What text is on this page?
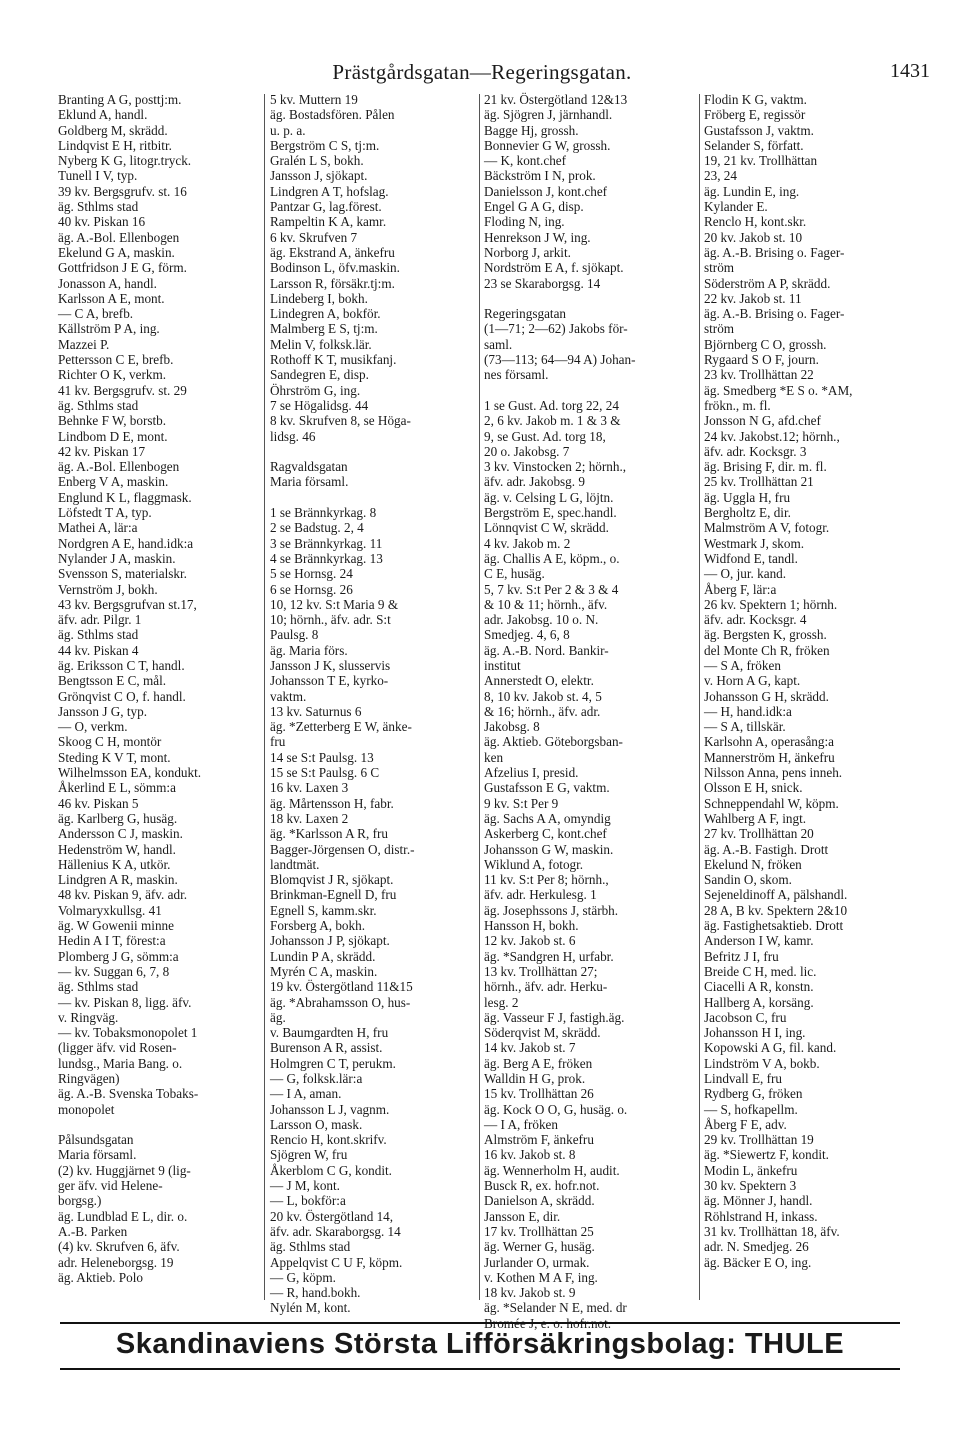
Prästgårdsgatan—Regeringsgatan.	1431
Branting A G, posttj:m.
Eklund A, handl.
Goldberg M, skrädd.
Lindqvist E H, ritbitr.
Nyberg K G, litogr.tryck.
Tunell I V, typ.
39 kv. Bergsgrufv. st. 16
äg. Sthlms stad
40 kv. Piskan 16
äg. A.-Bol. Ellenbogen
Ekelund G A, maskin.
Gottfridson J E G, förm.
Jonasson A, handl.
Karlsson A E, mont.
— C A, brefb.
Källström P A, ing.
Mazzei P.
Pettersson C E, brefb.
Richter O K, verkm.
41 kv. Bergsgrufv. st. 29
äg. Sthlms stad
Behnke F W, borstb.
Lindbom D E, mont.
42 kv. Piskan 17
äg. A.-Bol. Ellenbogen
Enberg V A, maskin.
Englund K L, flaggmask.
Löfstedt T A, typ.
Mathei A, lär:a
Nordgren A E, hand.idk:a
Nylander J A, maskin.
Svensson S, materialskr.
Vernström J, bokh.
43 kv. Bergsgrufvan st.17,
äfv. adr. Pilgr. 1
äg. Sthlms stad
44 kv. Piskan 4
äg. Eriksson C T, handl.
Bengtsson E C, mål.
Grönqvist C O, f. handl.
Jansson J G, typ.
— O, verkm.
Skoog C H, montör
Steding K V T, mont.
Wilhelmsson EA, kondukt.
Åkerlind E L, sömm:a
46 kv. Piskan 5
äg. Karlberg G, husäg.
Andersson C J, maskin.
Hedenström W, handl.
Hällenius K A, utkör.
Lindgren A R, maskin.
48 kv. Piskan 9, äfv. adr.
Volmaryxkullsg. 41
äg. W Gowenii minne
Hedin A I T, förest:a
Plomberg J G, sömm:a
— kv. Suggan 6, 7, 8
äg. Sthlms stad
— kv. Piskan 8, ligg. äfv.
v. Ringväg.
— kv. Tobaksmonopolet 1
(ligger äfv. vid Rosen-
lundsg., Maria Bang. o.
Ringvägen)
äg. A.-B. Svenska Tobaks-
monopolet

Pålsundsgatan
Maria församl.
(2) kv. Huggjärnet 9 (lig-
ger äfv. vid Helene-
borgsg.)
äg. Lundblad E L, dir. o.
A.-B. Parken
(4) kv. Skrufven 6, äfv.
adr. Heleneborgsg. 19
äg. Aktieb. Polo
5 kv. Muttern 19
äg. Bostadsfören. Pålen
u. p. a.
Bergström C S, tj:m.
Gralén L S, bokh.
Jansson J, sjökapt.
Lindgren A T, hofslag.
Pantzar G, lag.förest.
Rampeltin K A, kamr.
6 kv. Skrufven 7
äg. Ekstrand A, änkefru
Bodinson L, öfv.maskin.
Larsson R, försäkr.tj:m.
Lindeberg I, bokh.
Lindegren A, bokför.
Malmberg E S, tj:m.
Melin V, folksk.lär.
Rothoff K T, musikfanj.
Sandegren E, disp.
Öhrström G, ing.
7 se Högalidsg. 44
8 kv. Skrufven 8, se Höga-
lidsg. 46

Ragvaldsgatan
Maria församl.

1 se Brännkyrkag. 8
2 se Badstug. 2, 4
3 se Brännkyrkag. 11
4 se Brännkyrkag. 13
5 se Hornsg. 24
6 se Hornsg. 26
10, 12 kv. S:t Maria 9 &
10; hörnh., äfv. adr. S:t
Paulsg. 8
äg. Maria förs.
Jansson J K, slusservis
Johansson T E, kyrko-
vaktm.
13 kv. Saturnus 6
äg. *Zetterberg E W, änke-
fru
14 se S:t Paulsg. 13
15 se S:t Paulsg. 6 C
16 kv. Laxen 3
äg. Mårtensson H, fabr.
18 kv. Laxen 2
äg. *Karlsson A R, fru
Bagger-Jörgensen O, distr.-
landtmät.
Blomqvist J R, sjökapt.
Brinkman-Egnell D, fru
Egnell S, kamm.skr.
Forsberg A, bokh.
Johansson J P, sjökapt.
Lundin P A, skrädd.
Myrén C A, maskin.
19 kv. Östergötland 11&15
äg. *Abrahamsson O, hus-
äg.
v. Baumgardten H, fru
Burenson A R, assist.
Holmgren C T, perukm.
— G, folksk.lär:a
— I A, aman.
Johansson L J, vagnm.
Larsson O, mask.
Rencio H, kont.skrifv.
Sjögren W, fru
Åkerblom C G, kondit.
— J M, kont.
— L, bokför:a
20 kv. Östergötland 14,
äfv. adr. Skaraborgsg. 14
äg. Sthlms stad
Appelqvist C U F, köpm.
— G, köpm.
— R, hand.bokh.
Nylén M, kont.
21 kv. Östergötland 12&13
äg. Sjögren J, järnhandl.
Bagge Hj, grossh.
Bonnevier G W, grossh.
— K, kont.chef
Bäckström I N, prok.
Danielsson J, kont.chef
Engel G A G, disp.
Floding N, ing.
Henrekson J W, ing.
Norborg J, arkit.
Nordström E A, f. sjökapt.
23 se Skaraborgsg. 14

Regeringsgatan
(1—71; 2—62) Jakobs för-
saml.
(73—113; 64—94 A) Johan-
nes församl.

1 se Gust. Ad. torg 22, 24
2, 6 kv. Jakob m. 1 & 3 &
9, se Gust. Ad. torg 18,
20 o. Jakobsg. 7
3 kv. Vinstocken 2; hörnh.,
äfv. adr. Jakobsg. 9
äg. v. Celsing L G, löjtn.
Bergström E, spec.handl.
Lönnqvist C W, skrädd.
4 kv. Jakob m. 2
äg. Challis A E, köpm., o.
C E, husäg.
5, 7 kv. S:t Per 2 & 3 & 4
& 10 & 11; hörnh., äfv.
adr. Jakobsg. 10 o. N.
Smedjeg. 4, 6, 8
äg. A.-B. Nord. Bankir-
institut
Annerstedt O, elektr.
8, 10 kv. Jakob st. 4, 5
& 16; hörnh., äfv. adr.
Jakobsg. 8
äg. Aktieb. Göteborgsban-
ken
Afzelius I, presid.
Gustafsson E G, vaktm.
9 kv. S:t Per 9
äg. Sachs A A, omyndig
Askerberg C, kont.chef
Johansson G W, maskin.
Wiklund A, fotogr.
11 kv. S:t Per 8; hörnh.,
äfv. adr. Herkulesg. 1
äg. Josephssons J, stärbh.
Hansson H, bokh.
12 kv. Jakob st. 6
äg. *Sandgren H, urfabr.
13 kv. Trollhättan 27;
hörnh., äfv. adr. Herku-
lesg. 2
äg. Vasseur F J, fastigh.äg.
Söderqvist M, skrädd.
14 kv. Jakob st. 7
äg. Berg A E, fröken
Walldin H G, prok.
15 kv. Trollhättan 26
äg. Kock O O, G, husäg. o.
— I A, fröken
Almström F, änkefru
16 kv. Jakob st. 8
äg. Wennerholm H, audit.
Busck R, ex. hofr.not.
Danielson A, skrädd.
Jansson E, dir.
17 kv. Trollhättan 25
äg. Werner G, husäg.
Jurlander O, urmak.
v. Kothen M A F, ing.
18 kv. Jakob st. 9
äg. *Selander N E, med. dr
Bromée J, e. o. hofr.not.
Flodin K G, vaktm.
Fröberg E, regissör
Gustafsson J, vaktm.
Selander S, författ.
19, 21 kv. Trollhättan
23, 24
äg. Lundin E, ing.
Kylander E.
Renclo H, kont.skr.
20 kv. Jakob st. 10
äg. A.-B. Brising o. Fager-
ström
Söderström A P, skrädd.
22 kv. Jakob st. 11
äg. A.-B. Brising o. Fager-
ström
Björnberg C O, grossh.
Rygaard S O F, journ.
23 kv. Trollhättan 22
äg. Smedberg *E S o. *AM,
frökn., m. fl.
Jonsson N G, afd.chef
24 kv. Jakobst.12; hörnh.,
äfv. adr. Kocksgr. 3
äg. Brising F, dir. m. fl.
25 kv. Trollhättan 21
äg. Uggla H, fru
Bergholtz E, dir.
Malmström A V, fotogr.
Westmark J, skom.
Widfond E, tandl.
— O, jur. kand.
Åberg F, lär:a
26 kv. Spektern 1; hörnh.
äfv. adr. Kocksgr. 4
äg. Bergsten K, grossh.
del Monte Ch R, fröken
— S A, fröken
v. Horn A G, kapt.
Johansson G H, skrädd.
— H, hand.idk:a
— S A, tillskär.
Karlsohn A, operasång:a
Mannerström H, änkefru
Nilsson Anna, pens inneh.
Olsson E H, snick.
Schneppendahl W, köpm.
Wahlberg A F, ingt.
27 kv. Trollhättan 20
äg. A.-B. Fastigh. Drott
Ekelund N, fröken
Sandin O, skom.
Sejeneldinoff A, pälshandl.
28 A, B kv. Spektern 2&10
äg. Fastighetsaktieb. Drott
Anderson I W, kamr.
Befritz J I, fru
Breide C H, med. lic.
Ciacelli A R, konstn.
Hallberg A, korsäng.
Jacobson C, fru
Johansson H I, ing.
Kopowski A G, fil. kand.
Lindström V A, bokb.
Lindvall E, fru
Rydberg G, fröken
— S, hofkapellm.
Åberg F E, adv.
29 kv. Trollhättan 19
äg. *Siewertz F, kondit.
Modin L, änkefru
30 kv. Spektern 3
äg. Mönner J, handl.
Röhlstrand H, inkass.
31 kv. Trollhättan 18, äfv.
adr. N. Smedjeg. 26
äg. Bäcker E O, ing.
Skandinaviens Största Lifförsäkringsbolag: THULE
